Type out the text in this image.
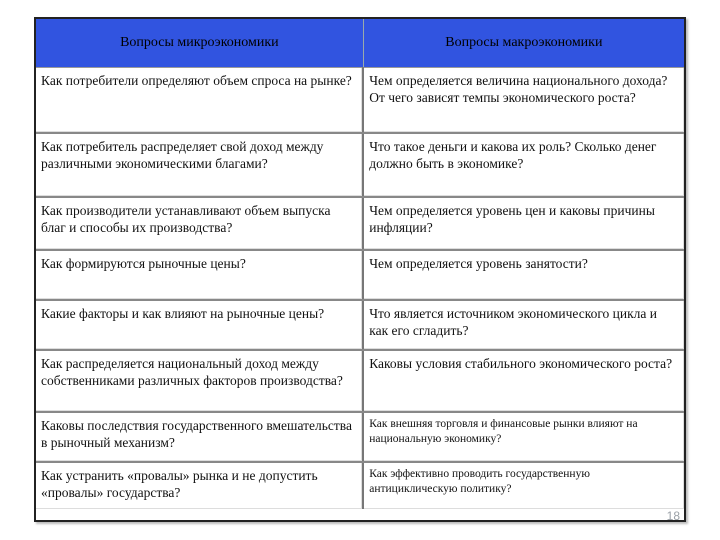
Вопросы микроэкономики	Вопросы макроэкономики
Как потребители определяют объем спроса на рынке?	Чем определяется величина национального дохода? От чего зависят темпы экономического роста?
Как потребитель распределяет свой доход между различными экономическими благами?	Что такое деньги и какова их роль? Сколько денег должно быть в экономике?
Как производители устанавливают объем выпуска благ и способы их производства?	Чем определяется уровень цен и каковы причины инфляции?
Как формируются рыночные цены?	Чем определяется уровень занятости?
Какие факторы и как влияют на рыночные цены?	Что является источником экономического цикла и как его сгладить?
Как распределяется национальный доход между собственниками различных факторов производства?	Каковы условия стабильного экономического роста?
Каковы последствия государственного вмешательства в рыночный механизм?	Как внешняя торговля и финансовые рынки влияют на национальную экономику?
Как устранить «провалы» рынка и не допустить «провалы» государства?	Как эффективно проводить государственную антициклическую политику?
18
